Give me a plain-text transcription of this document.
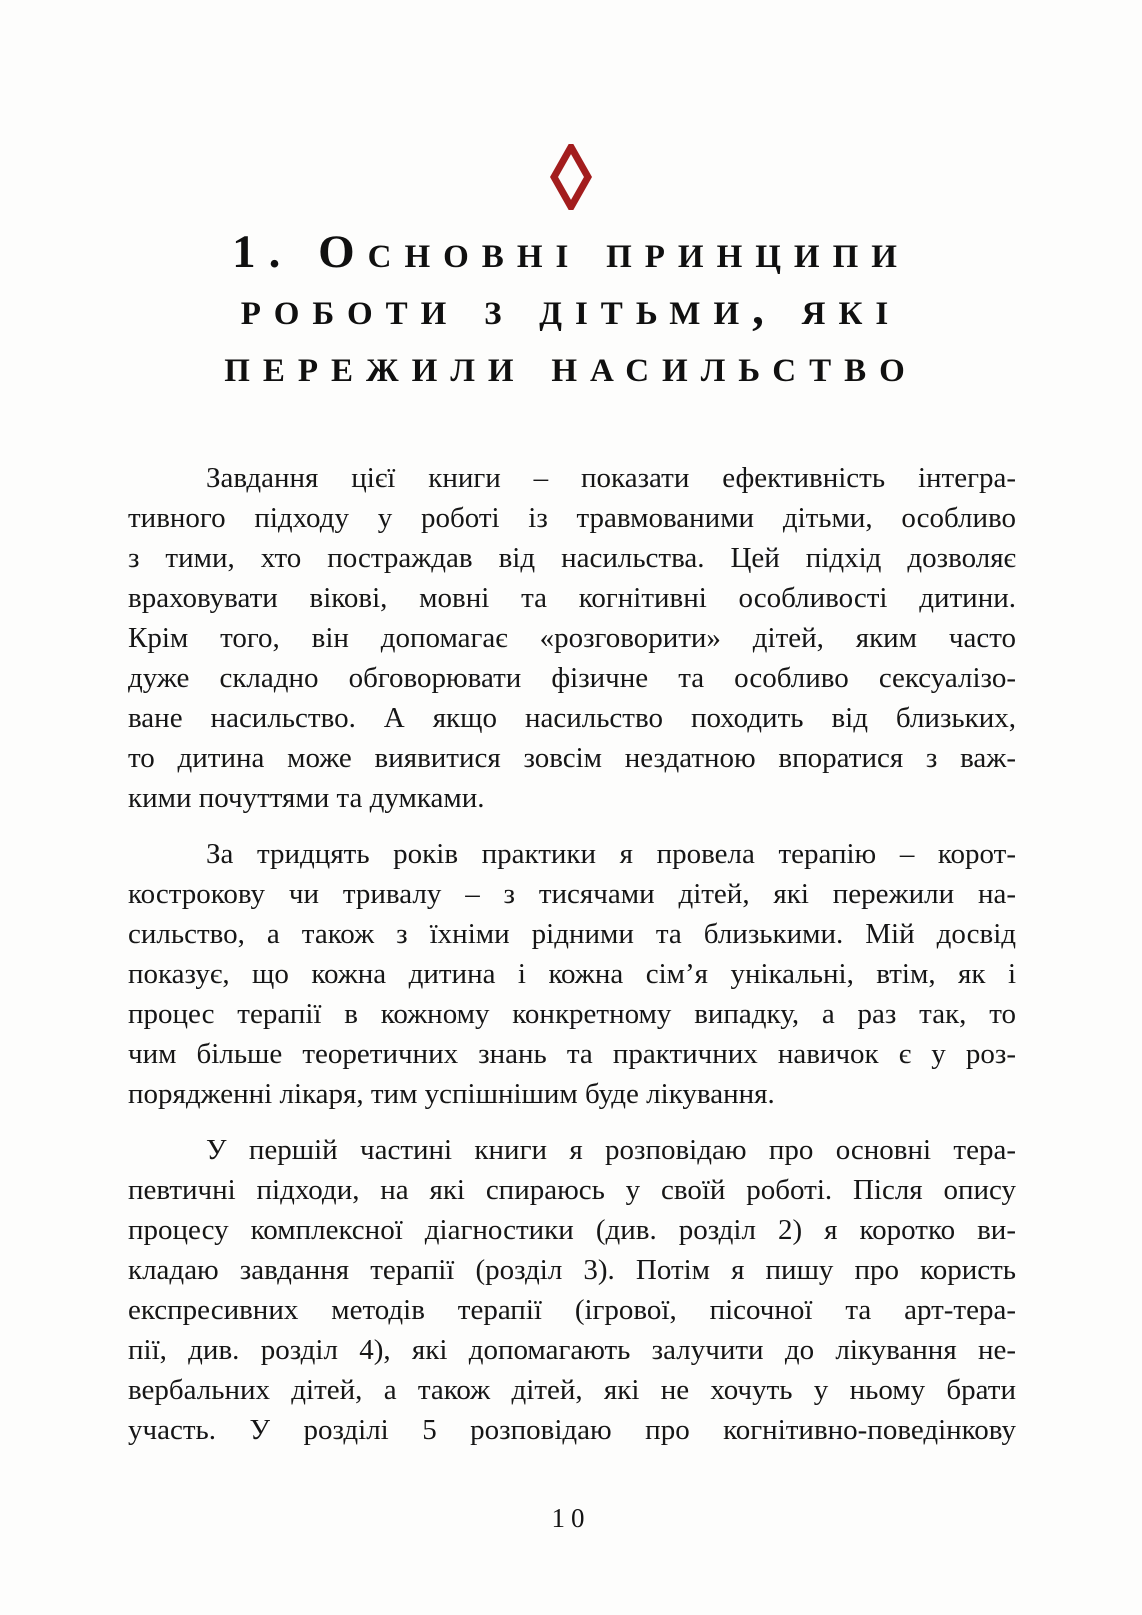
1. Основні принципи
роботи з дітьми, які
пережили насильство
Завдання цієї книги – показати ефективність інтегра-
тивного підходу у роботі із травмованими дітьми, особливо
з тими, хто постраждав від насильства. Цей підхід дозволяє
враховувати вікові, мовні та когнітивні особливості дитини.
Крім того, він допомагає «розговорити» дітей, яким часто
дуже складно обговорювати фізичне та особливо сексуалізо-
ване насильство. А якщо насильство походить від близьких,
то дитина може виявитися зовсім нездатною впоратися з важ-
кими почуттями та думками.
За тридцять років практики я провела терапію – корот-
кострокову чи тривалу – з тисячами дітей, які пережили на-
сильство, а також з їхніми рідними та близькими. Мій досвід
показує, що кожна дитина і кожна сім’я унікальні, втім, як і
процес терапії в кожному конкретному випадку, а раз так, то
чим більше теоретичних знань та практичних навичок є у роз-
порядженні лікаря, тим успішнішим буде лікування.
У першій частині книги я розповідаю про основні тера-
певтичні підходи, на які спираюсь у своїй роботі. Після опису
процесу комплексної діагностики (див. розділ 2) я коротко ви-
кладаю завдання терапії (розділ 3). Потім я пишу про користь
експресивних методів терапії (ігрової, пісочної та арт-тера-
пії, див. розділ 4), які допомагають залучити до лікування не-
вербальних дітей, а також дітей, які не хочуть у ньому брати
участь. У розділі 5 розповідаю про когнітивно-поведінкову
10
